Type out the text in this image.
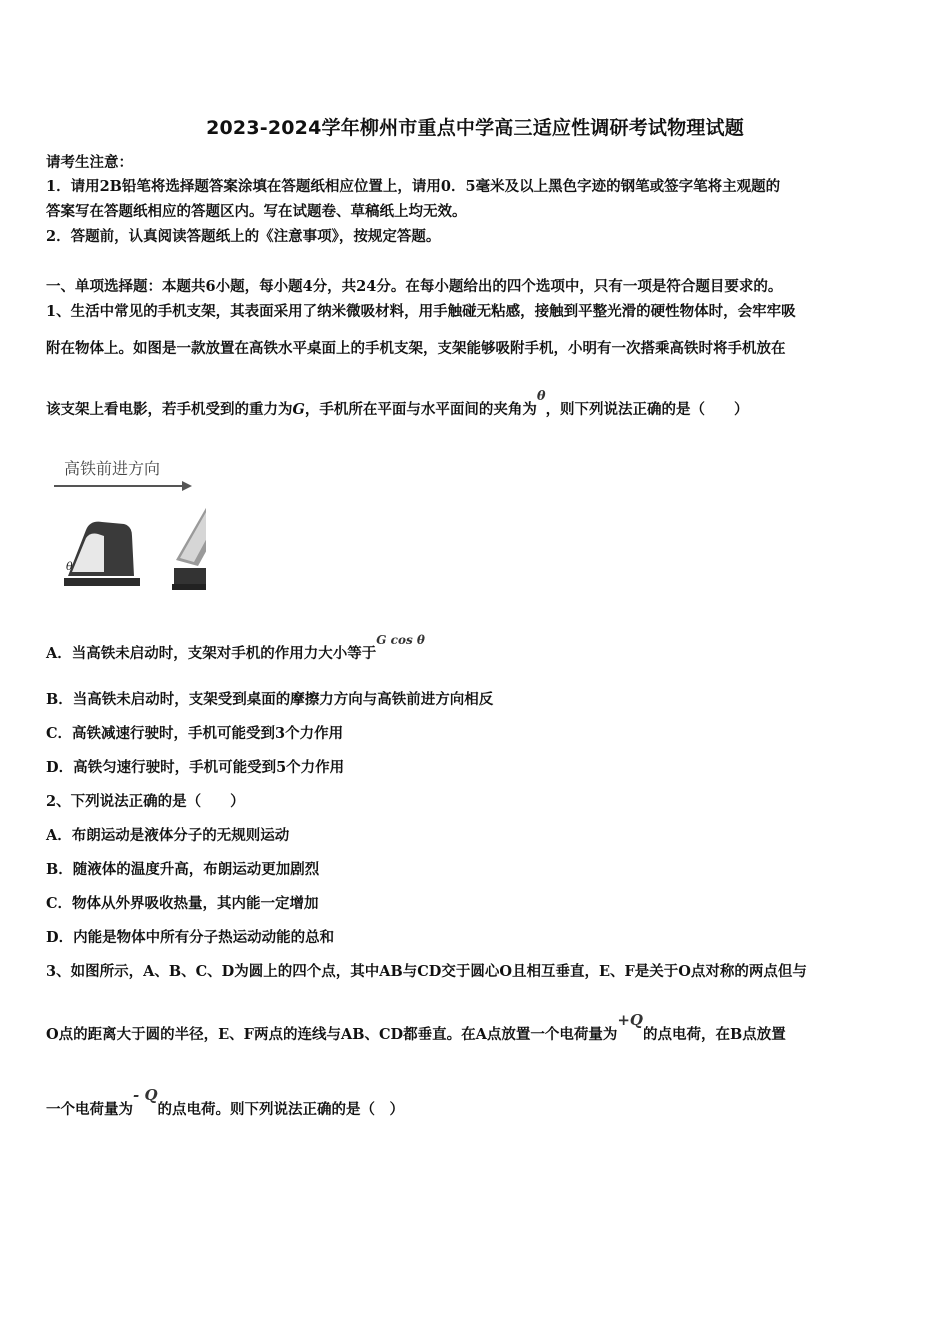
2023-2024学年柳州市重点中学高三适应性调研考试物理试题
请考生注意：
1．请用2B铅笔将选择题答案涂填在答题纸相应位置上，请用0．5毫米及以上黑色字迹的钢笔或签字笔将主观题的
答案写在答题纸相应的答题区内。写在试题卷、草稿纸上均无效。
2．答题前，认真阅读答题纸上的《注意事项》，按规定答题。
一、单项选择题：本题共6小题，每小题4分，共24分。在每小题给出的四个选项中，只有一项是符合题目要求的。
1、生活中常见的手机支架，其表面采用了纳米微吸材料，用手触碰无粘感，接触到平整光滑的硬性物体时，会牢牢吸
附在物体上。如图是一款放置在高铁水平桌面上的手机支架，支架能够吸附手机，小明有一次搭乘高铁时将手机放在
该支架上看电影，若手机受到的重力为G，手机所在平面与水平面间的夹角为θ，则下列说法正确的是（　　）
高铁前进方向
θ
A．当高铁未启动时，支架对手机的作用力大小等于$^{G cos \theta}$
B．当高铁未启动时，支架受到桌面的摩擦力方向与高铁前进方向相反
C．高铁减速行驶时，手机可能受到3个力作用
D．高铁匀速行驶时，手机可能受到5个力作用
2、下列说法正确的是（　　）
A．布朗运动是液体分子的无规则运动
B．随液体的温度升高，布朗运动更加剧烈
C．物体从外界吸收热量，其内能一定增加
D．内能是物体中所有分子热运动动能的总和
3、如图所示，A、B、C、D为圆上的四个点，其中AB与CD交于圆心O且相互垂直，E、F是关于O点对称的两点但与
O点的距离大于圆的半径，E、F两点的连线与AB、CD都垂直。在A点放置一个电荷量为+Q的点电荷，在B点放置
一个电荷量为- Q的点电荷。则下列说法正确的是（　）
